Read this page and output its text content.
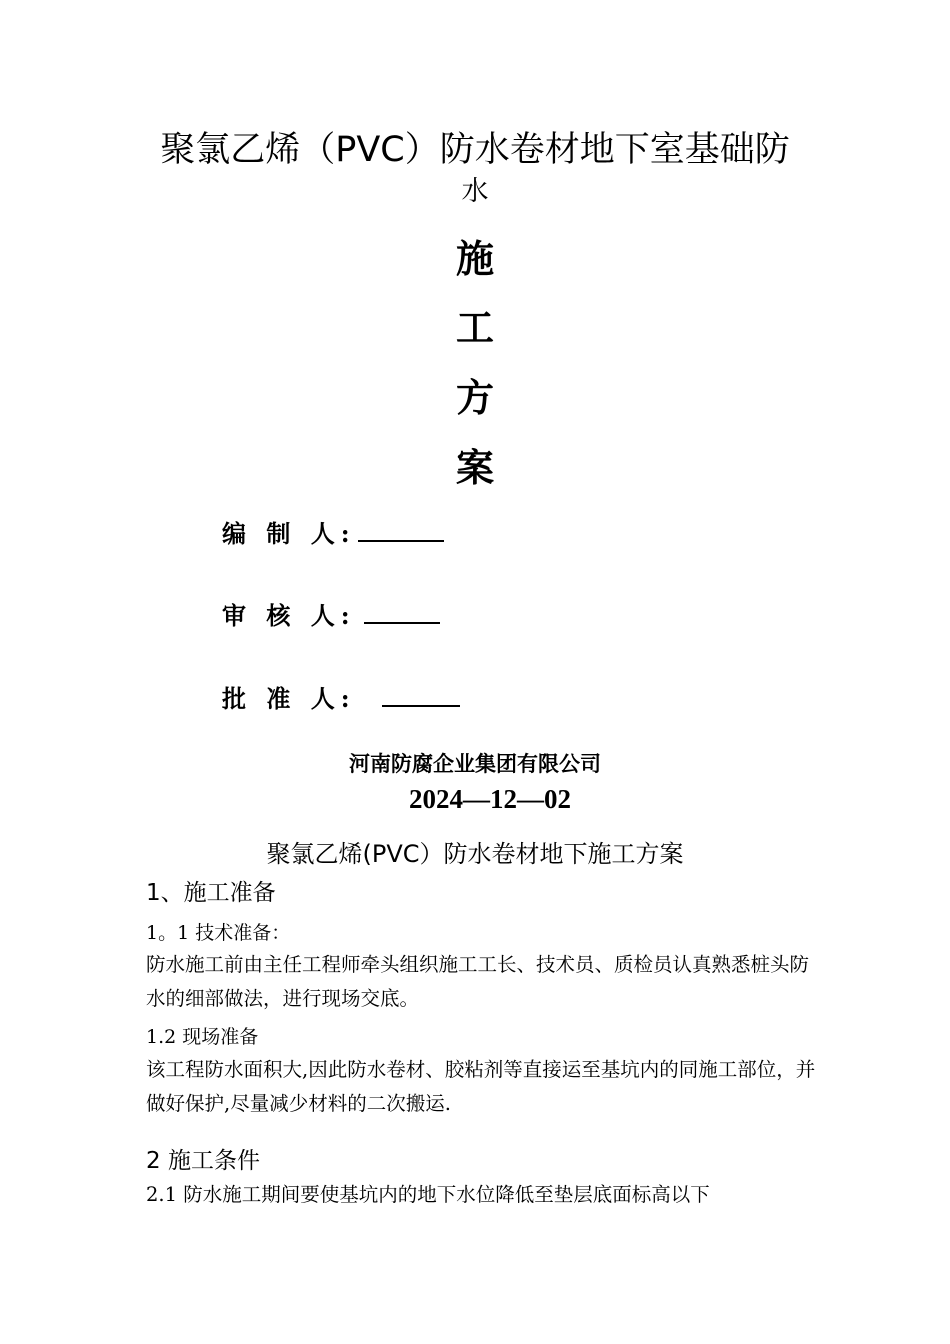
聚氯乙烯（PVC）防水卷材地下室基础防
水
施
工
方
案
编 制 人:
审 核 人:
批 准 人:
河南防腐企业集团有限公司
2024—12—02
聚氯乙烯(PVC）防水卷材地下施工方案
1、施工准备
1。1 技术准备：
防水施工前由主任工程师牵头组织施工工长、技术员、质检员认真熟悉桩头防水的细部做法，进行现场交底。
1.2 现场准备
该工程防水面积大,因此防水卷材、胶粘剂等直接运至基坑内的同施工部位，并做好保护,尽量减少材料的二次搬运.
2 施工条件
2.1 防水施工期间要使基坑内的地下水位降低至垫层底面标高以下
